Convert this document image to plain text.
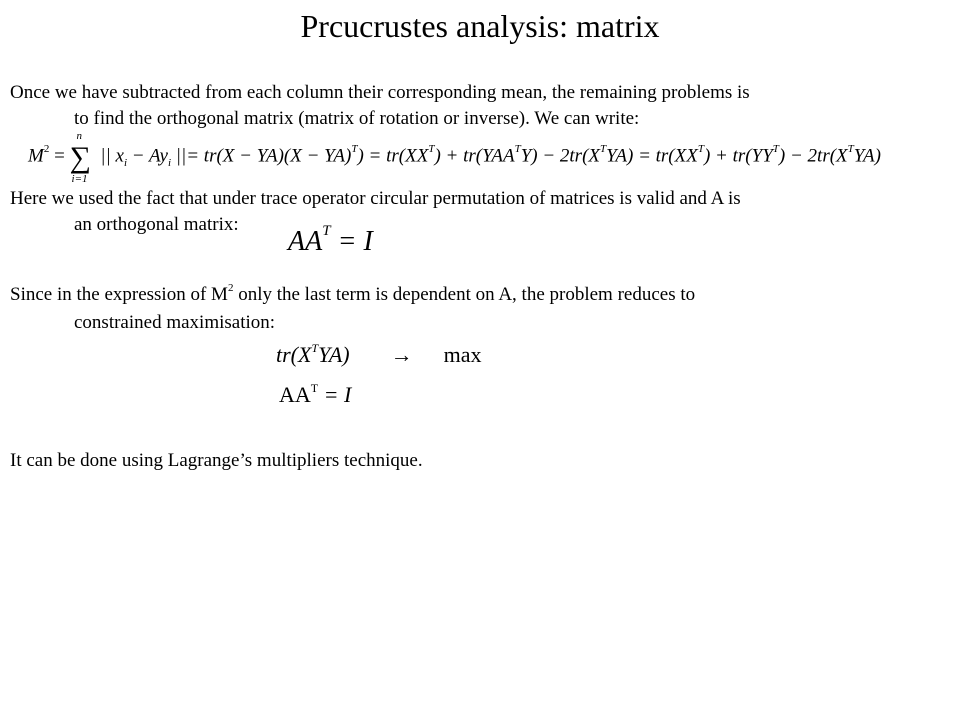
Prcucrustes analysis: matrix
Once we have subtracted from each column their corresponding mean, the remaining problems is
to find the orthogonal matrix (matrix of rotation or inverse). We can write:
$M^2$ =
n
∑
i=1
|| $x_i - Ay_i$ ||= $tr(X - YA)(X - YA)^T) = tr(XX^T) + tr(YAA^TY) - 2tr(X^TYA) = tr(XX^T) + tr(YY^T) - 2tr(X^TYA)$
Here we used the fact that under trace operator circular permutation of matrices is valid and A is
an orthogonal matrix:
$AA^T = I$
Since in the expression of $M^2$ only the last term is dependent on A, the problem reduces to
constrained maximisation:
$tr(X^TYA) \to \max$
$AA^T = I$
It can be done using Lagrange’s multipliers technique.
